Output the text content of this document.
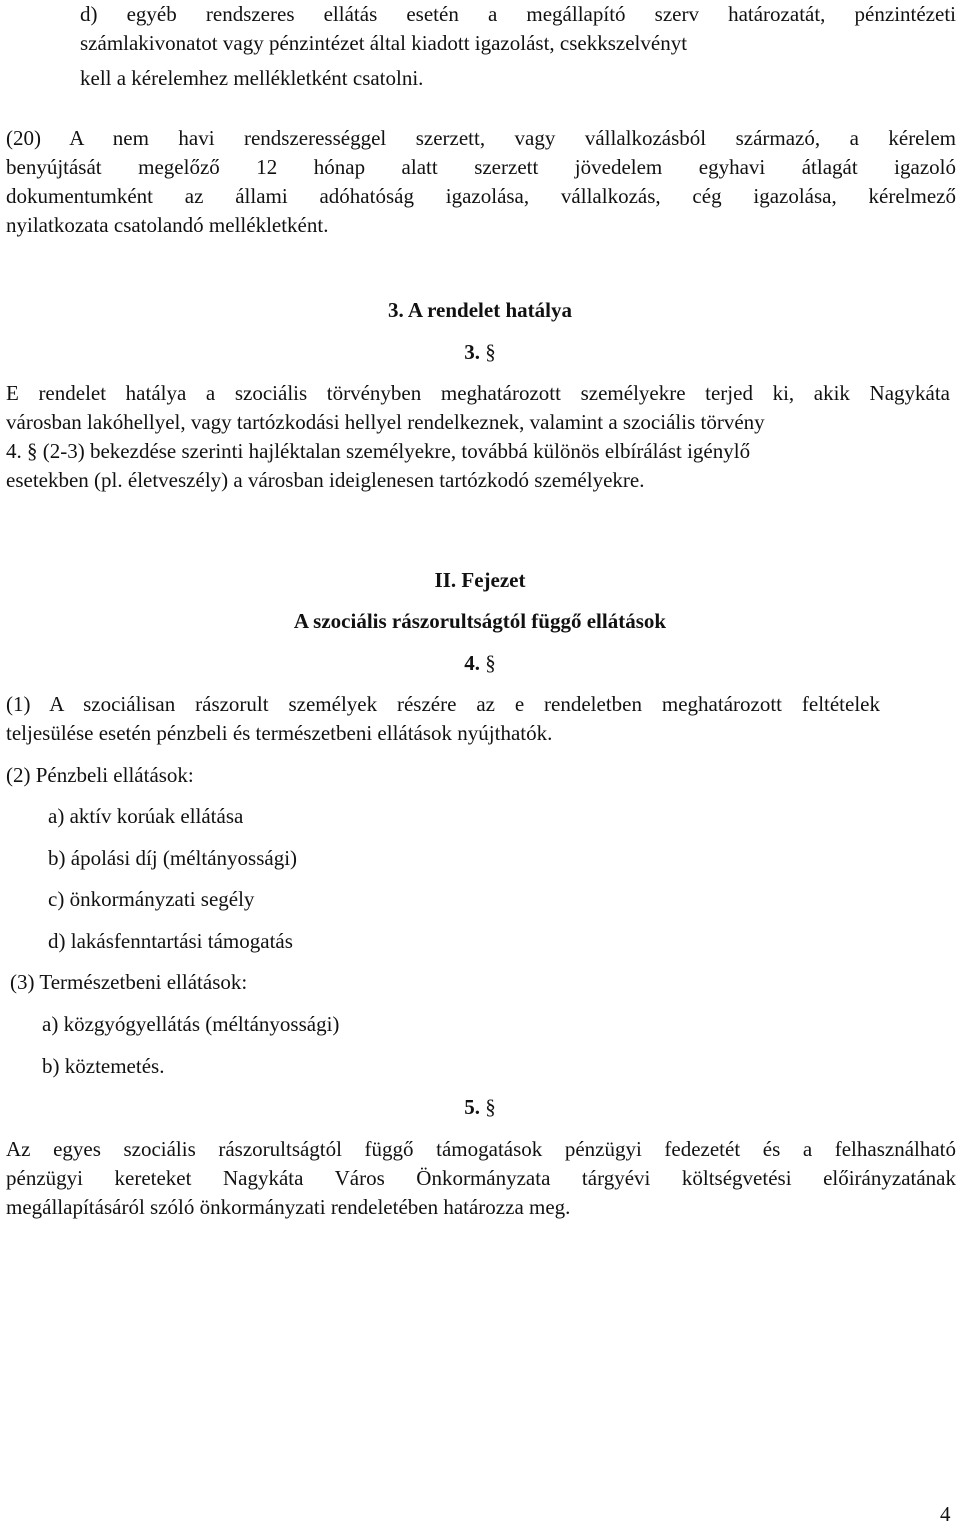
d) egyéb rendszeres ellátás esetén a megállapító szerv határozatát, pénzintézeti
számlakivonatot vagy pénzintézet által kiadott igazolást, csekkszelvényt
kell a kérelemhez mellékletként csatolni.
(20) A nem havi rendszerességgel szerzett, vagy vállalkozásból származó, a kérelem
benyújtását megelőző 12 hónap alatt szerzett jövedelem egyhavi átlagát igazoló
dokumentumként az állami adóhatóság igazolása, vállalkozás, cég igazolása, kérelmező
nyilatkozata csatolandó mellékletként.
3. A rendelet hatálya
3. §
E rendelet hatálya a szociális törvényben meghatározott személyekre terjed ki, akik Nagykáta
városban lakóhellyel, vagy tartózkodási hellyel rendelkeznek, valamint a szociális törvény
4. § (2-3) bekezdése szerinti hajléktalan személyekre, továbbá különös elbírálást igénylő
esetekben (pl. életveszély) a városban ideiglenesen tartózkodó személyekre.
II. Fejezet
A szociális rászorultságtól függő ellátások
4. §
(1) A szociálisan rászorult személyek részére az e rendeletben meghatározott feltételek
teljesülése esetén pénzbeli és természetbeni ellátások nyújthatók.
(2) Pénzbeli ellátások:
a) aktív korúak ellátása
b) ápolási díj (méltányossági)
c) önkormányzati segély
d) lakásfenntartási támogatás
(3) Természetbeni ellátások:
a) közgyógyellátás (méltányossági)
b) köztemetés.
5. §
Az egyes szociális rászorultságtól függő támogatások pénzügyi fedezetét és a felhasználható
pénzügyi kereteket Nagykáta Város Önkormányzata tárgyévi költségvetési előirányzatának
megállapításáról szóló önkormányzati rendeletében határozza meg.
4
